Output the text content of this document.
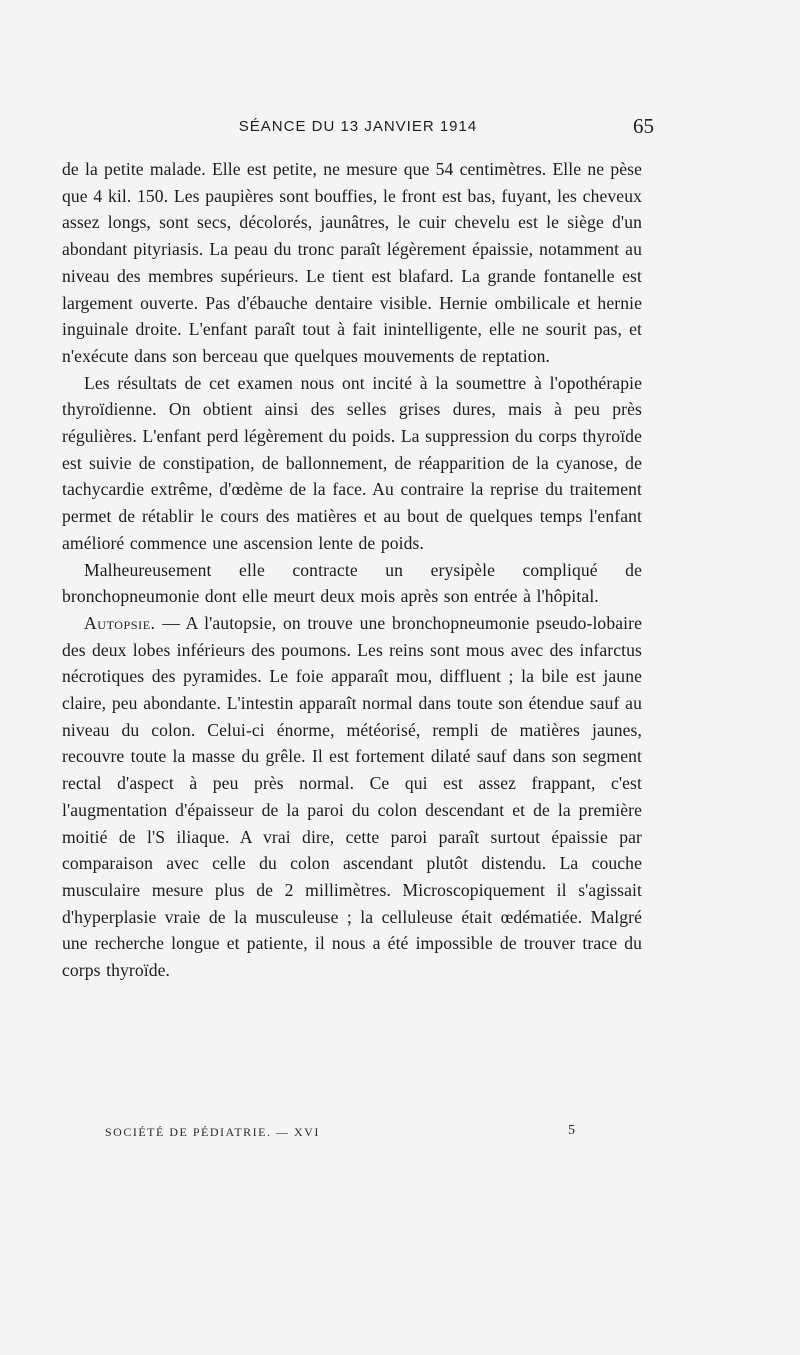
SÉANCE DU 13 JANVIER 1914	65

de la petite malade. Elle est petite, ne mesure que 54 centimètres. Elle ne pèse que 4 kil. 150. Les paupières sont bouffies, le front est bas, fuyant, les cheveux assez longs, sont secs, décolorés, jaunâtres, le cuir chevelu est le siège d'un abondant pityriasis. La peau du tronc paraît légèrement épaissie, notamment au niveau des membres supérieurs. Le tient est blafard. La grande fontanelle est largement ouverte. Pas d'ébauche dentaire visible. Hernie ombilicale et hernie inguinale droite. L'enfant paraît tout à fait inintelligente, elle ne sourit pas, et n'exécute dans son berceau que quelques mouvements de reptation.

Les résultats de cet examen nous ont incité à la soumettre à l'opothérapie thyroïdienne. On obtient ainsi des selles grises dures, mais à peu près régulières. L'enfant perd légèrement du poids. La suppression du corps thyroïde est suivie de constipation, de ballonnement, de réapparition de la cyanose, de tachycardie extrême, d'œdème de la face. Au contraire la reprise du traitement permet de rétablir le cours des matières et au bout de quelques temps l'enfant amélioré commence une ascension lente de poids.

Malheureusement elle contracte un erysipèle compliqué de bronchopneumonie dont elle meurt deux mois après son entrée à l'hôpital.

Autopsie. — A l'autopsie, on trouve une bronchopneumonie pseudo-lobaire des deux lobes inférieurs des poumons. Les reins sont mous avec des infarctus nécrotiques des pyramides. Le foie apparaît mou, diffluent ; la bile est jaune claire, peu abondante. L'intestin apparaît normal dans toute son étendue sauf au niveau du colon. Celui-ci énorme, météorisé, rempli de matières jaunes, recouvre toute la masse du grêle. Il est fortement dilaté sauf dans son segment rectal d'aspect à peu près normal. Ce qui est assez frappant, c'est l'augmentation d'épaisseur de la paroi du colon descendant et de la première moitié de l'S iliaque. A vrai dire, cette paroi paraît surtout épaissie par comparaison avec celle du colon ascendant plutôt distendu. La couche musculaire mesure plus de 2 millimètres. Microscopiquement il s'agissait d'hyperplasie vraie de la musculeuse ; la celluleuse était œdématiée. Malgré une recherche longue et patiente, il nous a été impossible de trouver trace du corps thyroïde.

SOCIÉTÉ DE PÉDIATRIE. — XVI	5
